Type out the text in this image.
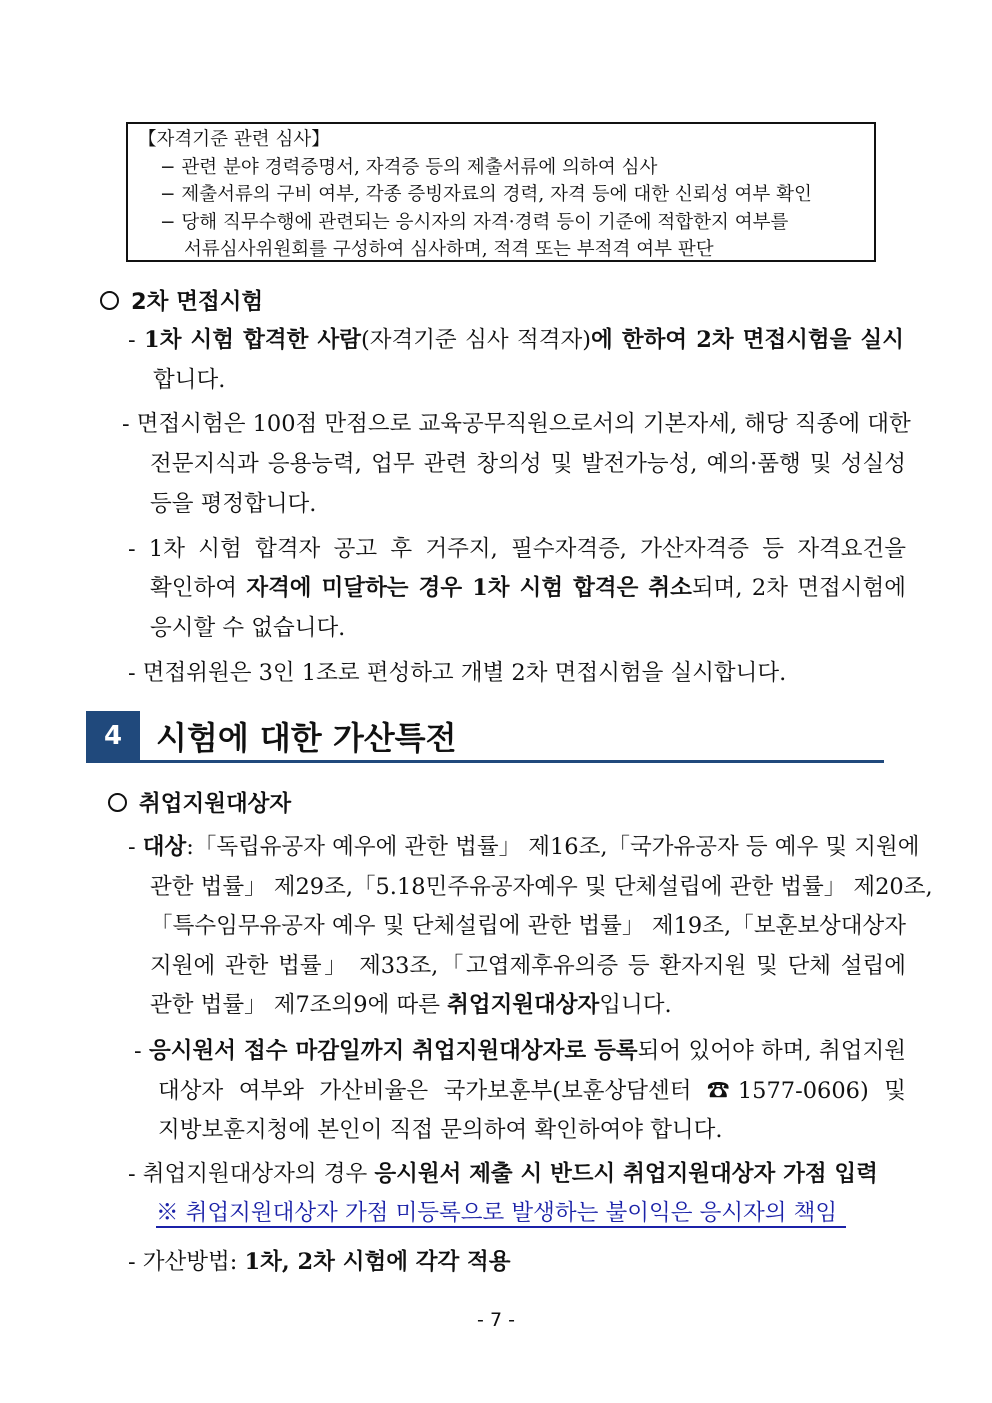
【자격기준 관련 심사】
− 관련 분야 경력증명서, 자격증 등의 제출서류에 의하여 심사
− 제출서류의 구비 여부, 각종 증빙자료의 경력, 자격 등에 대한 신뢰성 여부 확인
− 당해 직무수행에 관련되는 응시자의 자격·경력 등이 기준에 적합한지 여부를
서류심사위원회를 구성하여 심사하며, 적격 또는 부적격 여부 판단
2차 면접시험
- 1차 시험 합격한 사람(자격기준 심사 적격자)에 한하여 2차 면접시험을 실시
합니다.
- 면접시험은 100점 만점으로 교육공무직원으로서의 기본자세, 해당 직종에 대한
전문지식과 응용능력, 업무 관련 창의성 및 발전가능성, 예의·품행 및 성실성
등을 평정합니다.
- 1차 시험 합격자 공고 후 거주지, 필수자격증, 가산자격증 등 자격요건을
확인하여 자격에 미달하는 경우 1차 시험 합격은 취소되며, 2차 면접시험에
응시할 수 없습니다.
- 면접위원은 3인 1조로 편성하고 개별 2차 면접시험을 실시합니다.
4	시험에 대한 가산특전
취업지원대상자
- 대상:「독립유공자 예우에 관한 법률」 제16조,「국가유공자 등 예우 및 지원에
관한 법률」 제29조,「5.18민주유공자예우 및 단체설립에 관한 법률」 제20조,
「특수임무유공자 예우 및 단체설립에 관한 법률」 제19조,「보훈보상대상자
지원에 관한 법률」 제33조,「고엽제후유의증 등 환자지원 및 단체 설립에
관한 법률」 제7조의9에 따른 취업지원대상자입니다.
- 응시원서 접수 마감일까지 취업지원대상자로 등록되어 있어야 하며, 취업지원
대상자 여부와 가산비율은 국가보훈부(보훈상담센터 ☎1577-0606) 및
지방보훈지청에 본인이 직접 문의하여 확인하여야 합니다.
- 취업지원대상자의 경우 응시원서 제출 시 반드시 취업지원대상자 가점 입력
※ 취업지원대상자 가점 미등록으로 발생하는 불이익은 응시자의 책임
- 가산방법: 1차, 2차 시험에 각각 적용
- 7 -
